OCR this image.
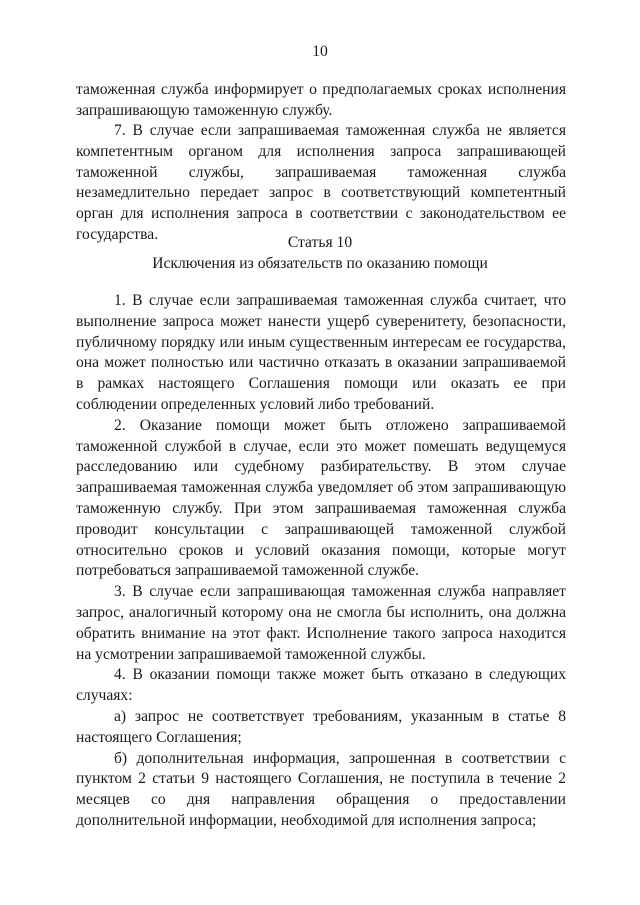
10

таможенная служба информирует о предполагаемых сроках исполнения запрашивающую таможенную службу.

7. В случае если запрашиваемая таможенная служба не является компетентным органом для исполнения запроса запрашивающей таможенной службы, запрашиваемая таможенная служба незамедлительно передает запрос в соответствующий компетентный орган для исполнения запроса в соответствии с законодательством ее государства.	Статья 10
Исключения из обязательств по оказанию помощи

1. В случае если запрашиваемая таможенная служба считает, что выполнение запроса может нанести ущерб суверенитету, безопасности, публичному порядку или иным существенным интересам ее государства, она может полностью или частично отказать в оказании запрашиваемой в рамках настоящего Соглашения помощи или оказать ее при соблюдении определенных условий либо требований.

2. Оказание помощи может быть отложено запрашиваемой таможенной службой в случае, если это может помешать ведущемуся расследованию или судебному разбирательству. В этом случае запрашиваемая таможенная служба уведомляет об этом запрашивающую таможенную службу. При этом запрашиваемая таможенная служба проводит консультации с запрашивающей таможенной службой относительно сроков и условий оказания помощи, которые могут потребоваться запрашиваемой таможенной службе.

3. В случае если запрашивающая таможенная служба направляет запрос, аналогичный которому она не смогла бы исполнить, она должна обратить внимание на этот факт. Исполнение такого запроса находится на усмотрении запрашиваемой таможенной службы.

4. В оказании помощи также может быть отказано в следующих случаях:

а) запрос не соответствует требованиям, указанным в статье 8 настоящего Соглашения;

б) дополнительная информация, запрошенная в соответствии с пунктом 2 статьи 9 настоящего Соглашения, не поступила в течение 2 месяцев со дня направления обращения о предоставлении дополнительной информации, необходимой для исполнения запроса;
